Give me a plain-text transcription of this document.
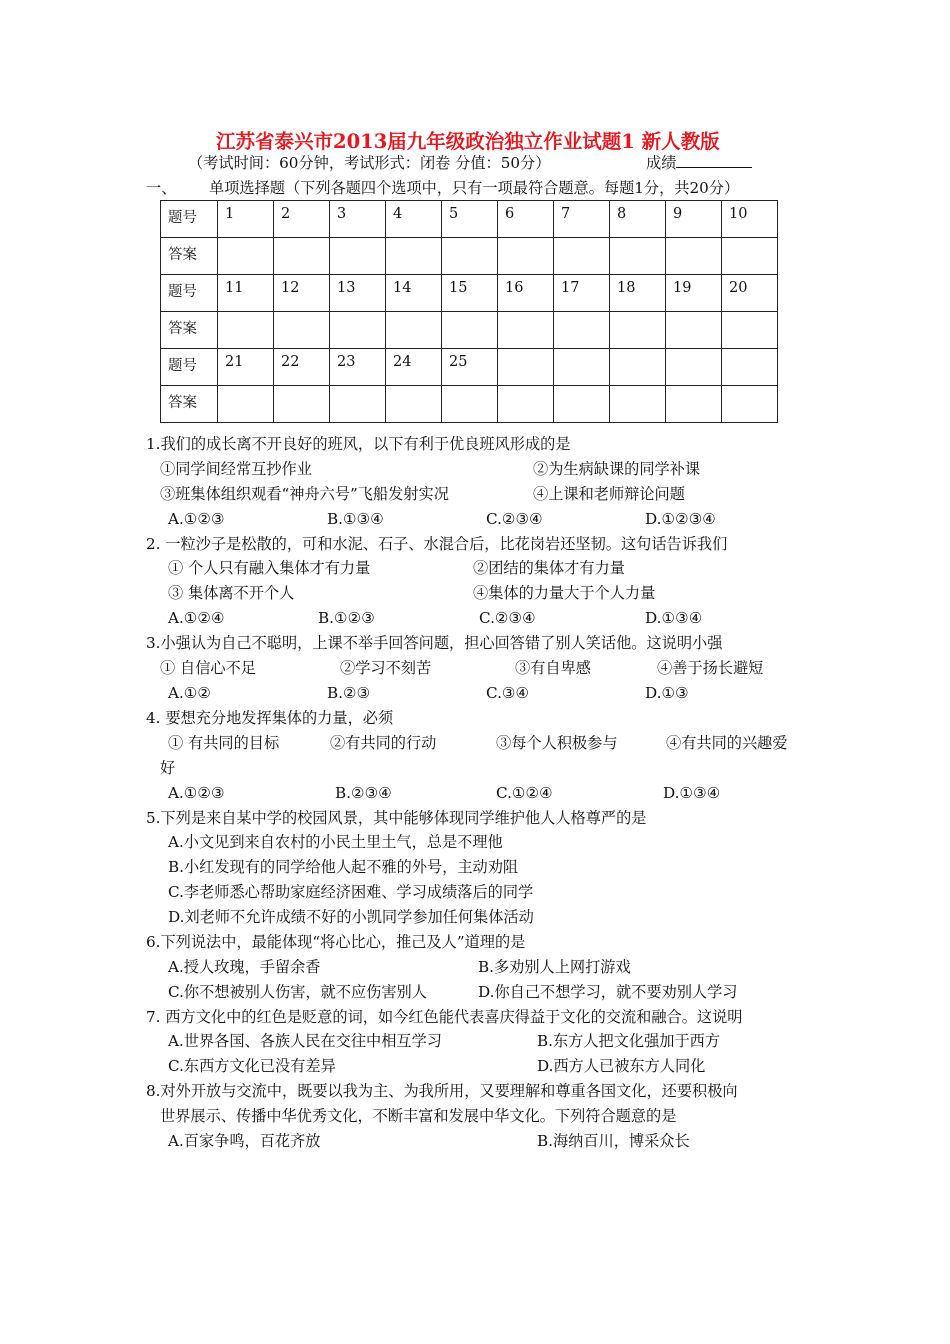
江苏省泰兴市2013届九年级政治独立作业试题1 新人教版
（考试时间：60分钟，考试形式：闭卷 分值：50分）	成绩
一、 单项选择题（下列各题四个选项中，只有一项最符合题意。每题1分，共20分）
题号	1	2	3	4	5	6	7	8	9	10
答案										
题号	11	12	13	14	15	16	17	18	19	20
答案										
题号	21	22	23	24	25					
答案										
1.我们的成长离不开良好的班风，以下有利于优良班风形成的是
①同学间经常互抄作业	②为生病缺课的同学补课
③班集体组织观看“神舟六号”飞船发射实况	④上课和老师辩论问题
A.①②③	B.①③④	C.②③④	D.①②③④
2. 一粒沙子是松散的，可和水泥、石子、水混合后，比花岗岩还坚韧。这句话告诉我们
① 个人只有融入集体才有力量	②团结的集体才有力量
③ 集体离不开个人	④集体的力量大于个人力量
A.①②④	B.①②③	C.②③④	D.①③④
3.小强认为自己不聪明，上课不举手回答问题，担心回答错了别人笑话他。这说明小强
① 自信心不足	②学习不刻苦	③有自卑感	④善于扬长避短
A.①②	B.②③	C.③④	D.①③
4. 要想充分地发挥集体的力量，必须
① 有共同的目标	②有共同的行动	③每个人积极参与	④有共同的兴趣爱
好
A.①②③	B.②③④	C.①②④	D.①③④
5.下列是来自某中学的校园风景，其中能够体现同学维护他人人格尊严的是
A.小文见到来自农村的小民土里土气，总是不理他
B.小红发现有的同学给他人起不雅的外号，主动劝阻
C.李老师悉心帮助家庭经济困难、学习成绩落后的同学
D.刘老师不允许成绩不好的小凯同学参加任何集体活动
6.下列说法中，最能体现“将心比心，推己及人”道理的是
A.授人玫瑰，手留余香	B.多劝别人上网打游戏
C.你不想被别人伤害，就不应伤害别人	D.你自己不想学习，就不要劝别人学习
7. 西方文化中的红色是贬意的词，如今红色能代表喜庆得益于文化的交流和融合。这说明
A.世界各国、各族人民在交往中相互学习	B.东方人把文化强加于西方
C.东西方文化已没有差异	D.西方人已被东方人同化
8.对外开放与交流中，既要以我为主、为我所用，又要理解和尊重各国文化，还要积极向
世界展示、传播中华优秀文化，不断丰富和发展中华文化。下列符合题意的是
A.百家争鸣，百花齐放	B.海纳百川，博采众长
